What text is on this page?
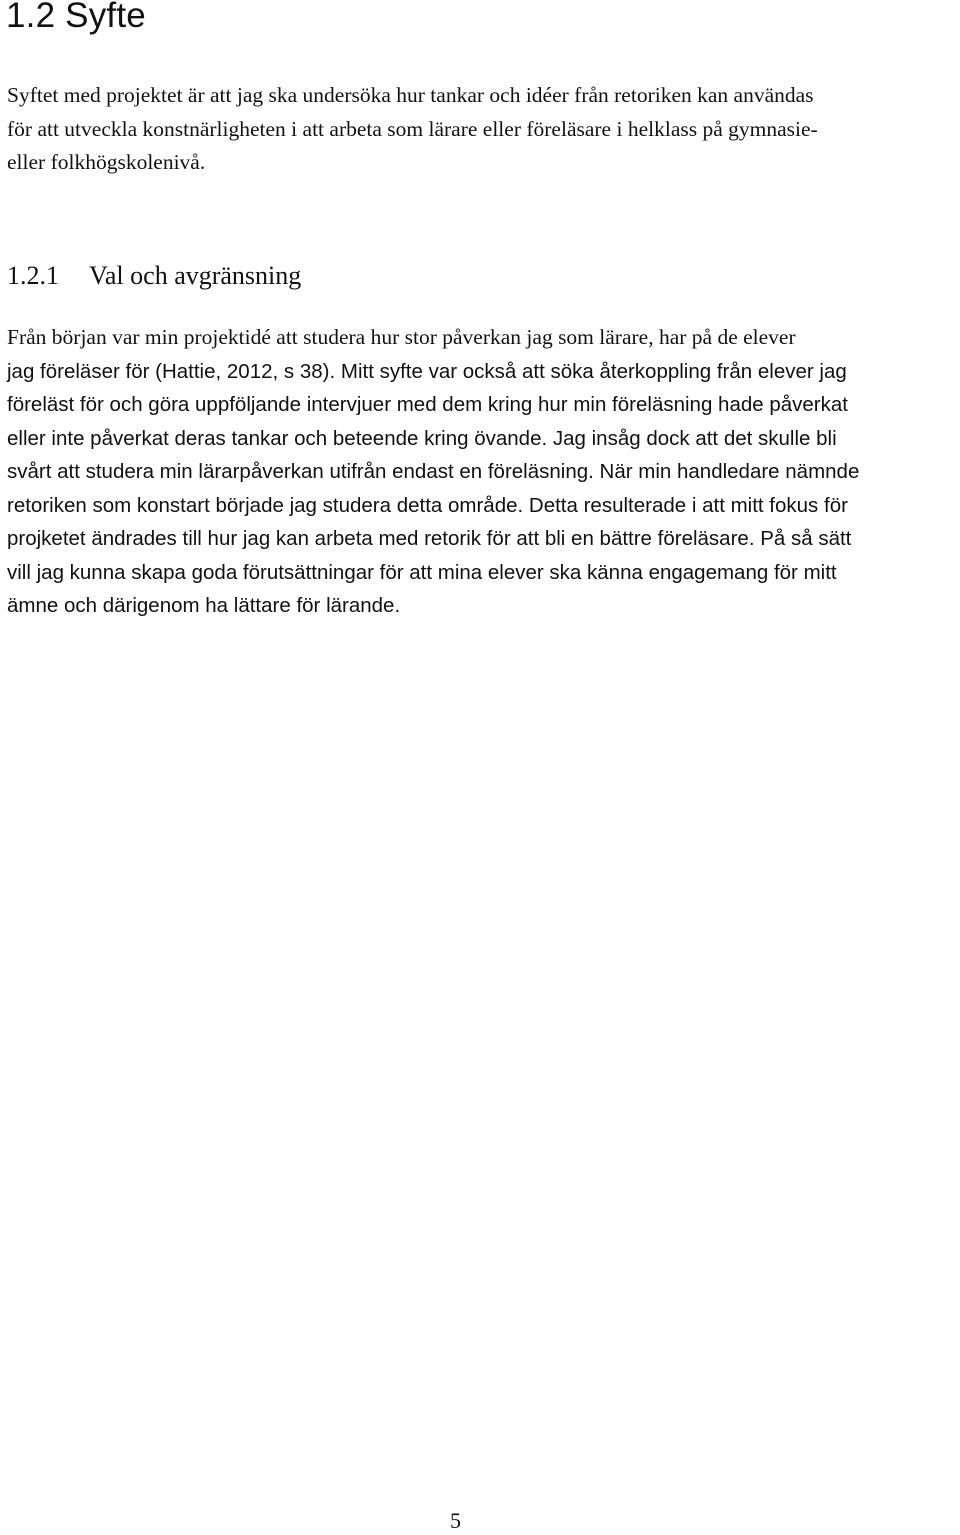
1.2 Syfte

Syftet med projektet är att jag ska undersöka hur tankar och idéer från retoriken kan användas
för att utveckla konstnärligheten i att arbeta som lärare eller föreläsare i helklass på gymnasie-
eller folkhögskolenivå.

1.2.1 Val och avgränsning
Från början var min projektidé att studera hur stor påverkan jag som lärare, har på de elever
jag föreläser för (Hattie, 2012, s 38). Mitt syfte var också att söka återkoppling från elever jag
föreläst för och göra uppföljande intervjuer med dem kring hur min föreläsning hade påverkat
eller inte påverkat deras tankar och beteende kring övande. Jag insåg dock att det skulle bli
svårt att studera min lärarpåverkan utifrån endast en föreläsning. När min handledare nämnde
retoriken som konstart började jag studera detta område. Detta resulterade i att mitt fokus för
projketet ändrades till hur jag kan arbeta med retorik för att bli en bättre föreläsare. På så sätt
vill jag kunna skapa goda förutsättningar för att mina elever ska känna engagemang för mitt
ämne och därigenom ha lättare för lärande.

5
